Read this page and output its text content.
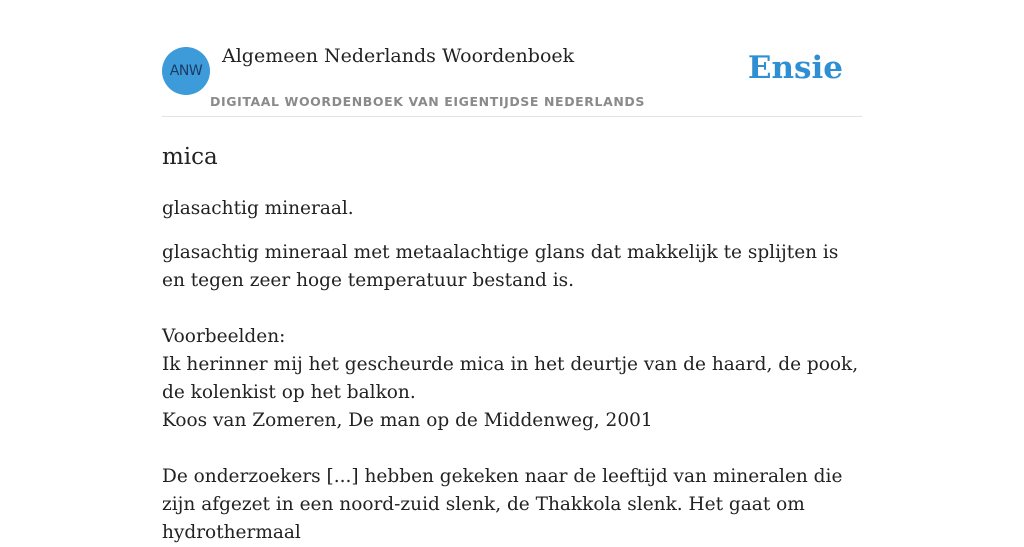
ANW
Algemeen Nederlands Woordenboek
DIGITAAL WOORDENBOEK VAN EIGENTIJDSE NEDERLANDS
Ensie
mica

glasachtig mineraal.

glasachtig mineraal met metaalachtige glans dat makkelijk te splijten is en tegen zeer hoge temperatuur bestand is.

Voorbeelden:

Ik herinner mij het gescheurde mica in het deurtje van de haard, de pook, de kolenkist op het balkon.

Koos van Zomeren, De man op de Middenweg, 2001

De onderzoekers [...] hebben gekeken naar de leeftijd van mineralen die zijn afgezet in een noord-zuid slenk, de Thakkola slenk. Het gaat om hydrothermaal
